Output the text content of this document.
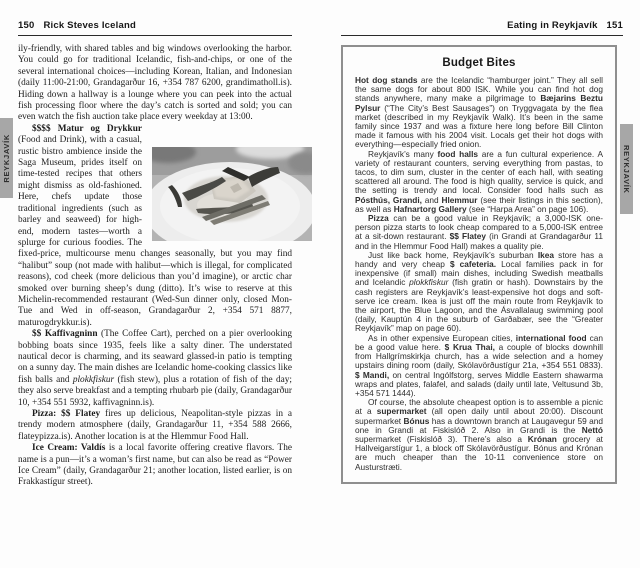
REYKJAVÍK	REYKJAVÍK
150 Rick Steves Iceland

ily-friendly, with shared tables and big windows overlooking the harbor. You could go for traditional Icelandic, fish-and-chips, or one of the several international choices—including Korean, Italian, and Indonesian (daily 11:00-21:00, Grandagarður 16, +354 787 6200, grandimatholl.is). Hiding down a hallway is a lounge where you can peek into the actual fish processing floor where the day’s catch is sorted and sold; you can even watch the fish auction take place every weekday at 13:00.

$$$$ Matur og Drykkur (Food and Drink), with a casual, rustic bistro ambience inside the Saga Museum, prides itself on time-tested recipes that others might dismiss as old-fashioned. Here, chefs update those traditional ingredients (such as barley and seaweed) for high-end, modern tastes—worth a splurge for curious foodies. The fixed-price, multicourse menu changes seasonally, but you may find “halibut” soup (not made with halibut—which is illegal, for complicated reasons), cod cheek (more delicious than you’d imagine), or arctic char smoked over burning sheep’s dung (ditto). It’s wise to reserve at this Michelin-recommended restaurant (Wed-Sun dinner only, closed Mon-Tue and Wed in off-season, Grandagarður 2, +354 571 8877, maturogdrykkur.is).

$$ Kaffivagninn (The Coffee Cart), perched on a pier overlooking bobbing boats since 1935, feels like a salty diner. The understated nautical decor is charming, and its seaward glassed-in patio is tempting on a sunny day. The main dishes are Icelandic home-cooking classics like fish balls and plokkfiskur (fish stew), plus a rotation of fish of the day; they also serve breakfast and a tempting rhubarb pie (daily, Grandagarður 10, +354 551 5932, kaffivagninn.is).

Pizza: $$ Flatey fires up delicious, Neapolitan-style pizzas in a trendy modern atmosphere (daily, Grandagarður 11, +354 588 2666, flateypizza.is). Another location is at the Hlemmur Food Hall.

Ice Cream: Valdís is a local favorite offering creative flavors. The name is a pun—it’s a woman’s first name, but can also be read as “Power Ice Cream” (daily, Grandagarður 21; another location, listed earlier, is on Frakkastígur street).

Eating in Reykjavík 151
Budget Bites

Hot dog stands are the Icelandic “hamburger joint.” They all sell the same dogs for about 800 ISK. While you can find hot dog stands anywhere, many make a pilgrimage to Bæjarins Beztu Pylsur (“The City’s Best Sausages”) on Tryggvagata by the flea market (described in my Reykjavík Walk). It’s been in the same family since 1937 and was a fixture here long before Bill Clinton made it famous with his 2004 visit. Locals get their hot dogs with everything—especially fried onion.

Reykjavík’s many food halls are a fun cultural experience. A variety of restaurant counters, serving everything from pastas, to tacos, to dim sum, cluster in the center of each hall, with seating scattered all around. The food is high quality, service is quick, and the setting is trendy and local. Consider food halls such as Pósthús, Grandi, and Hlemmur (see their listings in this section), as well as Hafnartorg Gallery (see “Harpa Area” on page 106).

Pizza can be a good value in Reykjavík; a 3,000-ISK one-person pizza starts to look cheap compared to a 5,000-ISK entree at a sit-down restaurant. $$ Flatey (in Grandi at Grandagarður 11 and in the Hlemmur Food Hall) makes a quality pie.

Just like back home, Reykjavík’s suburban Ikea store has a handy and very cheap $ cafeteria. Local families pack in for inexpensive (if small) main dishes, including Swedish meatballs and Icelandic plokkfiskur (fish gratin or hash). Downstairs by the cash registers are Reykjavík’s least-expensive hot dogs and soft-serve ice cream. Ikea is just off the main route from Reykjavík to the airport, the Blue Lagoon, and the Ásvallalaug swimming pool (daily, Kauptún 4 in the suburb of Garðabær, see the “Greater Reykjavík” map on page 60).

As in other expensive European cities, international food can be a good value here. $ Krua Thai, a couple of blocks downhill from Hallgrímskirkja church, has a wide selection and a homey upstairs dining room (daily, Skólavörðustígur 21a, +354 551 0833). $ Mandi, on central Ingólfstorg, serves Middle Eastern shawarma wraps and plates, falafel, and salads (daily until late, Veltusund 3b, +354 571 1444).

Of course, the absolute cheapest option is to assemble a picnic at a supermarket (all open daily until about 20:00). Discount supermarket Bónus has a downtown branch at Laugavegur 59 and one in Grandi at Fiskislóð 2. Also in Grandi is the Nettó supermarket (Fiskislóð 3). There’s also a Krónan grocery at Hallveigarstígur 1, a block off Skólavörðustígur. Bónus and Krónan are much cheaper than the 10-11 convenience store on Austurstræti.
